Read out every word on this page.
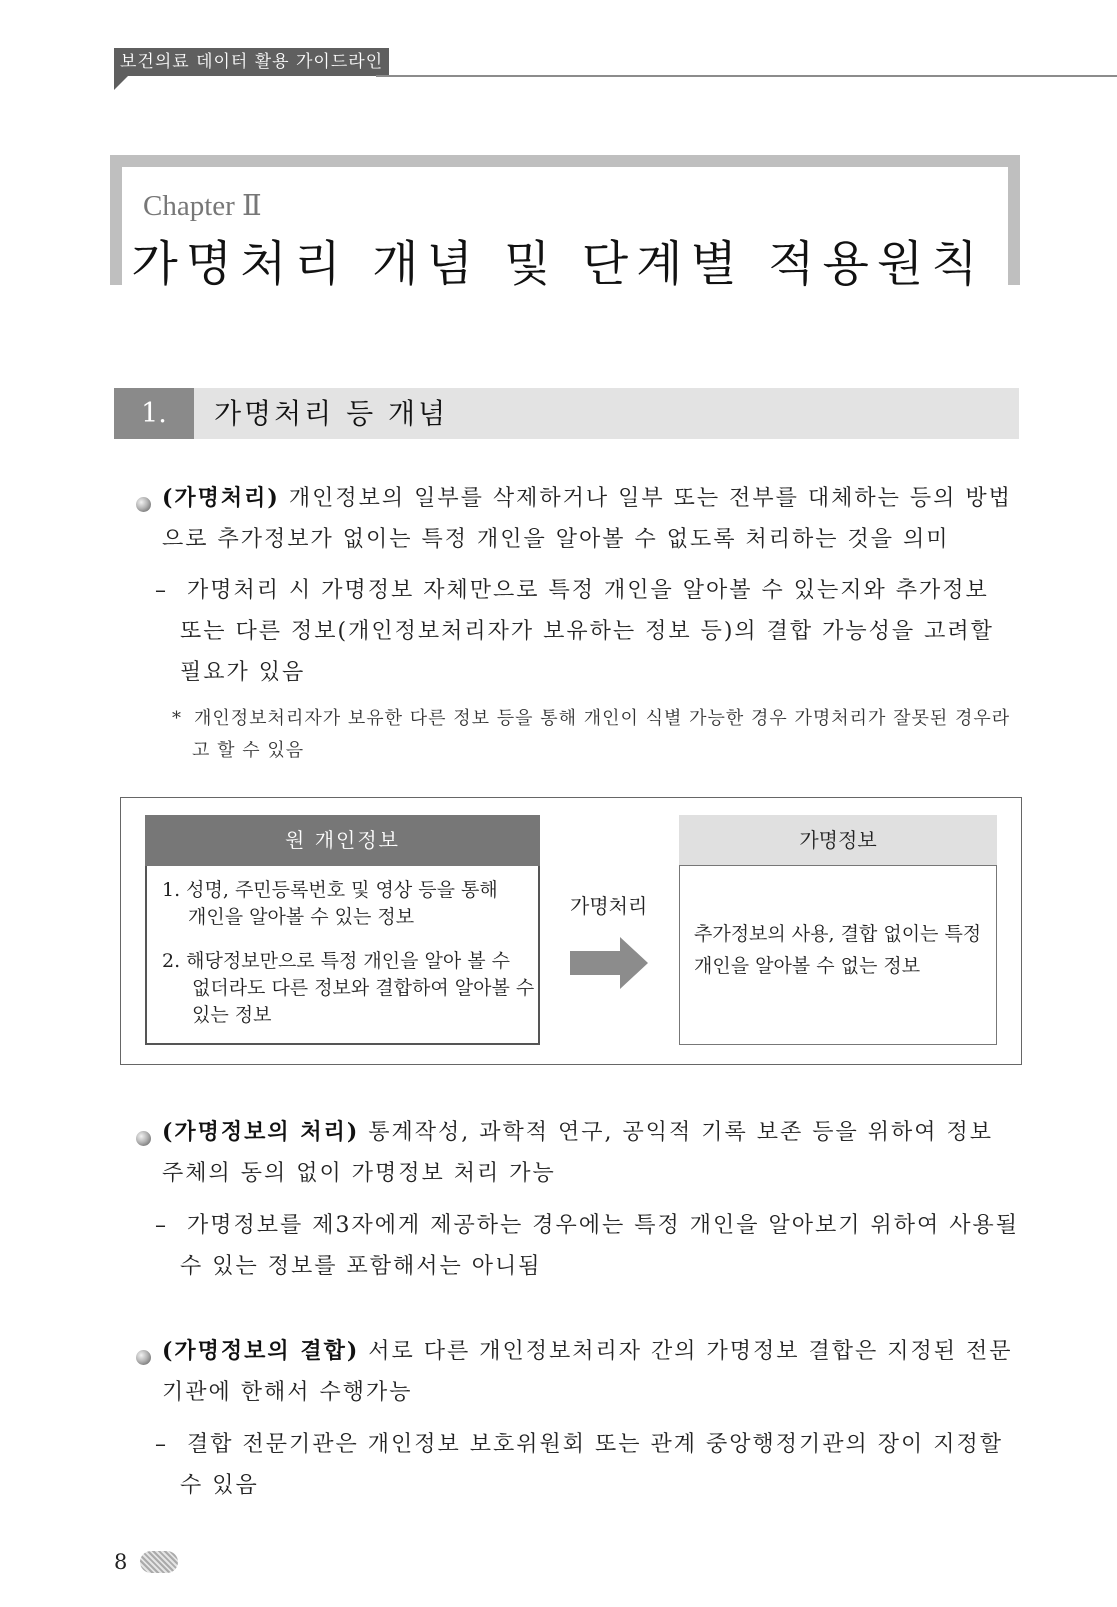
보건의료 데이터 활용 가이드라인
Chapter Ⅱ
가명처리 개념 및 단계별 적용원칙
1.	가명처리 등 개념
(가명처리) 개인정보의 일부를 삭제하거나 일부 또는 전부를 대체하는 등의 방법
으로 추가정보가 없이는 특정 개인을 알아볼 수 없도록 처리하는 것을 의미
– 가명처리 시 가명정보 자체만으로 특정 개인을 알아볼 수 있는지와 추가정보
또는 다른 정보(개인정보처리자가 보유하는 정보 등)의 결합 가능성을 고려할
필요가 있음
* 개인정보처리자가 보유한 다른 정보 등을 통해 개인이 식별 가능한 경우 가명처리가 잘못된 경우라
고 할 수 있음
원 개인정보
1. 성명, 주민등록번호 및 영상 등을 통해
개인을 알아볼 수 있는 정보
2. 해당정보만으로 특정 개인을 알아 볼 수
없더라도 다른 정보와 결합하여 알아볼 수
있는 정보
가명처리
가명정보
추가정보의 사용, 결합 없이는 특정
개인을 알아볼 수 없는 정보
(가명정보의 처리) 통계작성, 과학적 연구, 공익적 기록 보존 등을 위하여 정보
주체의 동의 없이 가명정보 처리 가능
– 가명정보를 제3자에게 제공하는 경우에는 특정 개인을 알아보기 위하여 사용될
수 있는 정보를 포함해서는 아니됨
(가명정보의 결합) 서로 다른 개인정보처리자 간의 가명정보 결합은 지정된 전문
기관에 한해서 수행가능
– 결합 전문기관은 개인정보 보호위원회 또는 관계 중앙행정기관의 장이 지정할
수 있음
8
